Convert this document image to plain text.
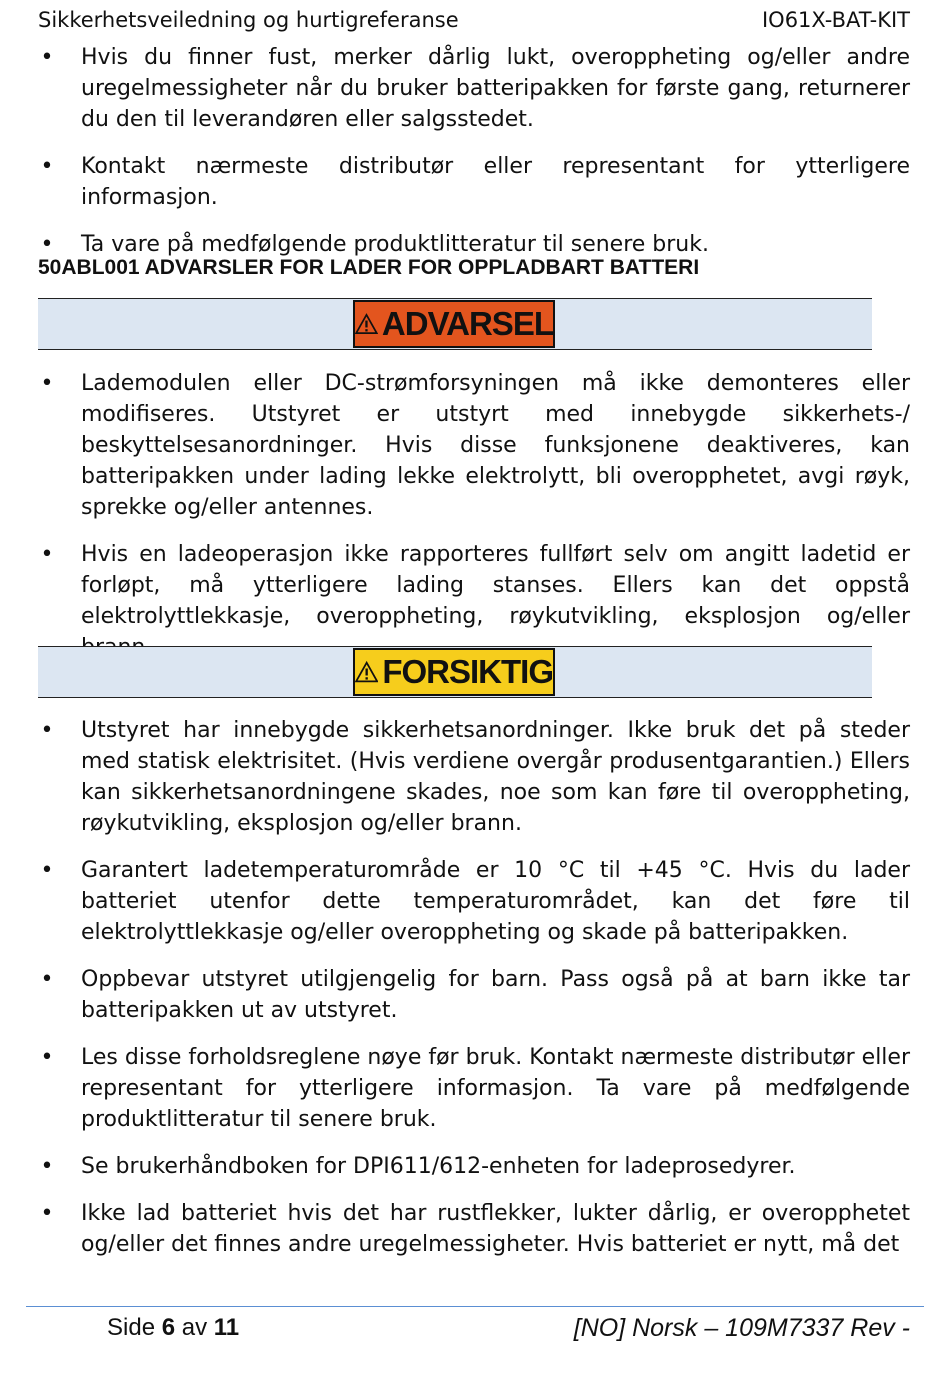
Sikkerhetsveiledning og hurtigreferanse	IO61X-BAT-KIT
• Hvis du finner fust, merker dårlig lukt, overoppheting og/eller andre uregelmessigheter når du bruker batteripakken for første gang, returnerer du den til leverandøren eller salgsstedet.
• Kontakt nærmeste distributør eller representant for ytterligere informasjon.
• Ta vare på medfølgende produktlitteratur til senere bruk.
50ABL001 ADVARSLER FOR LADER FOR OPPLADBART BATTERI
ADVARSEL
• Lademodulen eller DC-strømforsyningen må ikke demonteres eller modifiseres. Utstyret er utstyrt med innebygde sikkerhets-/ beskyttelsesanordninger. Hvis disse funksjonene deaktiveres, kan batteripakken under lading lekke elektrolytt, bli overopphetet, avgi røyk, sprekke og/eller antennes.
• Hvis en ladeoperasjon ikke rapporteres fullført selv om angitt ladetid er forløpt, må ytterligere lading stanses. Ellers kan det oppstå elektrolyttlekkasje, overoppheting, røykutvikling, eksplosjon og/eller
FORSIKTIG
• Utstyret har innebygde sikkerhetsanordninger. Ikke bruk det på steder med statisk elektrisitet. (Hvis verdiene overgår produsentgarantien.) Ellers kan sikkerhetsanordningene skades, noe som kan føre til overoppheting, røykutvikling, eksplosjon og/eller brann.
• Garantert ladetemperaturområde er 10 °C til +45 °C. Hvis du lader batteriet utenfor dette temperaturområdet, kan det føre til elektrolyttlekkasje og/eller overoppheting og skade på batteripakken.
• Oppbevar utstyret utilgjengelig for barn. Pass også på at barn ikke tar batteripakken ut av utstyret.
• Les disse forholdsreglene nøye før bruk. Kontakt nærmeste distributør eller representant for ytterligere informasjon. Ta vare på medfølgende produktlitteratur til senere bruk.
• Se brukerhåndboken for DPI611/612-enheten for ladeprosedyrer.
• Ikke lad batteriet hvis det har rustflekker, lukter dårlig, er overopphetet og/eller det finnes andre uregelmessigheter. Hvis batteriet er nytt, må det
Side 6 av 11	[NO] Norsk – 109M7337 Rev -
